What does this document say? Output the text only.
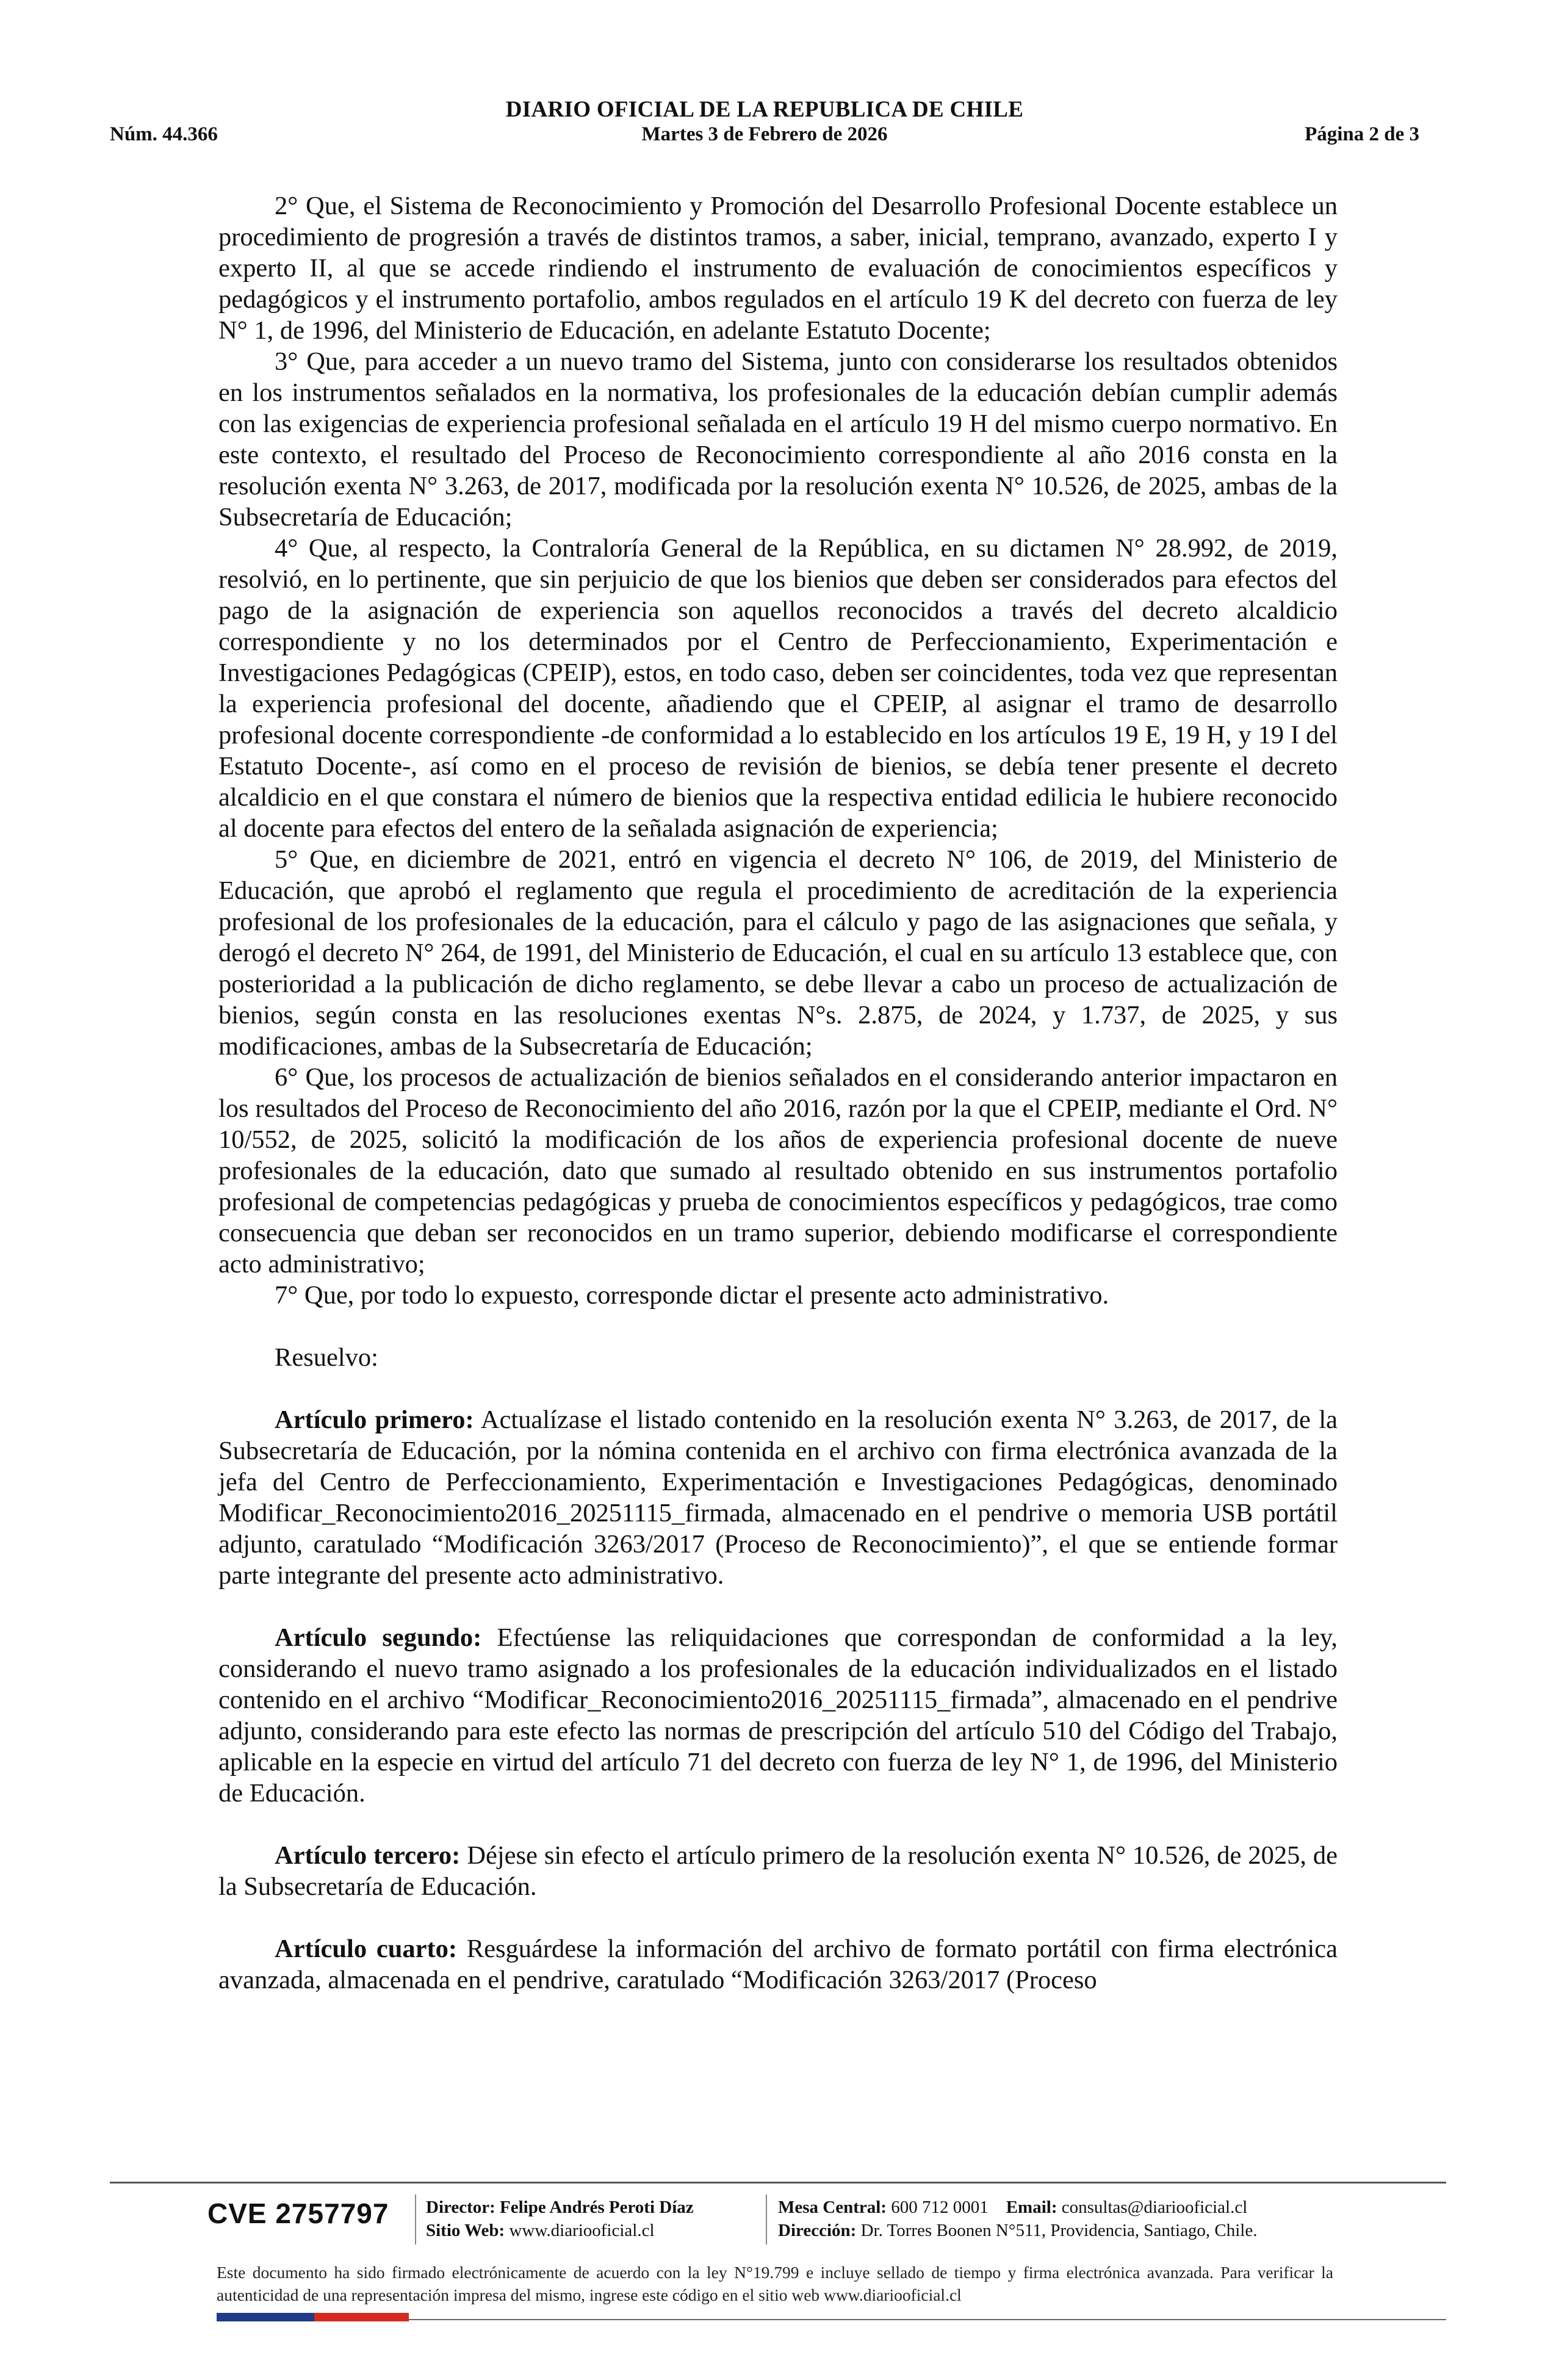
DIARIO OFICIAL DE LA REPUBLICA DE CHILE
Núm. 44.366	Martes 3 de Febrero de 2026	Página 2 de 3

2° Que, el Sistema de Reconocimiento y Promoción del Desarrollo Profesional Docente establece un procedimiento de progresión a través de distintos tramos, a saber, inicial, temprano, avanzado, experto I y experto II, al que se accede rindiendo el instrumento de evaluación de conocimientos específicos y pedagógicos y el instrumento portafolio, ambos regulados en el artículo 19 K del decreto con fuerza de ley N° 1, de 1996, del Ministerio de Educación, en adelante Estatuto Docente;

3° Que, para acceder a un nuevo tramo del Sistema, junto con considerarse los resultados obtenidos en los instrumentos señalados en la normativa, los profesionales de la educación debían cumplir además con las exigencias de experiencia profesional señalada en el artículo 19 H del mismo cuerpo normativo. En este contexto, el resultado del Proceso de Reconocimiento correspondiente al año 2016 consta en la resolución exenta N° 3.263, de 2017, modificada por la resolución exenta N° 10.526, de 2025, ambas de la Subsecretaría de Educación;

4° Que, al respecto, la Contraloría General de la República, en su dictamen N° 28.992, de 2019, resolvió, en lo pertinente, que sin perjuicio de que los bienios que deben ser considerados para efectos del pago de la asignación de experiencia son aquellos reconocidos a través del decreto alcaldicio correspondiente y no los determinados por el Centro de Perfeccionamiento, Experimentación e Investigaciones Pedagógicas (CPEIP), estos, en todo caso, deben ser coincidentes, toda vez que representan la experiencia profesional del docente, añadiendo que el CPEIP, al asignar el tramo de desarrollo profesional docente correspondiente -de conformidad a lo establecido en los artículos 19 E, 19 H, y 19 I del Estatuto Docente-, así como en el proceso de revisión de bienios, se debía tener presente el decreto alcaldicio en el que constara el número de bienios que la respectiva entidad edilicia le hubiere reconocido al docente para efectos del entero de la señalada asignación de experiencia;

5° Que, en diciembre de 2021, entró en vigencia el decreto N° 106, de 2019, del Ministerio de Educación, que aprobó el reglamento que regula el procedimiento de acreditación de la experiencia profesional de los profesionales de la educación, para el cálculo y pago de las asignaciones que señala, y derogó el decreto N° 264, de 1991, del Ministerio de Educación, el cual en su artículo 13 establece que, con posterioridad a la publicación de dicho reglamento, se debe llevar a cabo un proceso de actualización de bienios, según consta en las resoluciones exentas N°s. 2.875, de 2024, y 1.737, de 2025, y sus modificaciones, ambas de la Subsecretaría de Educación;

6° Que, los procesos de actualización de bienios señalados en el considerando anterior impactaron en los resultados del Proceso de Reconocimiento del año 2016, razón por la que el CPEIP, mediante el Ord. N° 10/552, de 2025, solicitó la modificación de los años de experiencia profesional docente de nueve profesionales de la educación, dato que sumado al resultado obtenido en sus instrumentos portafolio profesional de competencias pedagógicas y prueba de conocimientos específicos y pedagógicos, trae como consecuencia que deban ser reconocidos en un tramo superior, debiendo modificarse el correspondiente acto administrativo;

7° Que, por todo lo expuesto, corresponde dictar el presente acto administrativo.

Resuelvo:

Artículo primero: Actualízase el listado contenido en la resolución exenta N° 3.263, de 2017, de la Subsecretaría de Educación, por la nómina contenida en el archivo con firma electrónica avanzada de la jefa del Centro de Perfeccionamiento, Experimentación e Investigaciones Pedagógicas, denominado Modificar_Reconocimiento2016_20251115_firmada, almacenado en el pendrive o memoria USB portátil adjunto, caratulado “Modificación 3263/2017 (Proceso de Reconocimiento)”, el que se entiende formar parte integrante del presente acto administrativo.

Artículo segundo: Efectúense las reliquidaciones que correspondan de conformidad a la ley, considerando el nuevo tramo asignado a los profesionales de la educación individualizados en el listado contenido en el archivo “Modificar_Reconocimiento2016_20251115_firmada”, almacenado en el pendrive adjunto, considerando para este efecto las normas de prescripción del artículo 510 del Código del Trabajo, aplicable en la especie en virtud del artículo 71 del decreto con fuerza de ley N° 1, de 1996, del Ministerio de Educación.

Artículo tercero: Déjese sin efecto el artículo primero de la resolución exenta N° 10.526, de 2025, de la Subsecretaría de Educación.

Artículo cuarto: Resguárdese la información del archivo de formato portátil con firma electrónica avanzada, almacenada en el pendrive, caratulado “Modificación 3263/2017 (Proceso

CVE 2757797 Director: Felipe Andrés Peroti Díaz
Sitio Web: www.diariooficial.cl
Mesa Central: 600 712 0001 Email: consultas@diariooficial.cl
Dirección: Dr. Torres Boonen N°511, Providencia, Santiago, Chile.
Este documento ha sido firmado electrónicamente de acuerdo con la ley N°19.799 e incluye sellado de tiempo y firma electrónica avanzada. Para verificar la autenticidad de una representación impresa del mismo, ingrese este código en el sitio web www.diariooficial.cl
